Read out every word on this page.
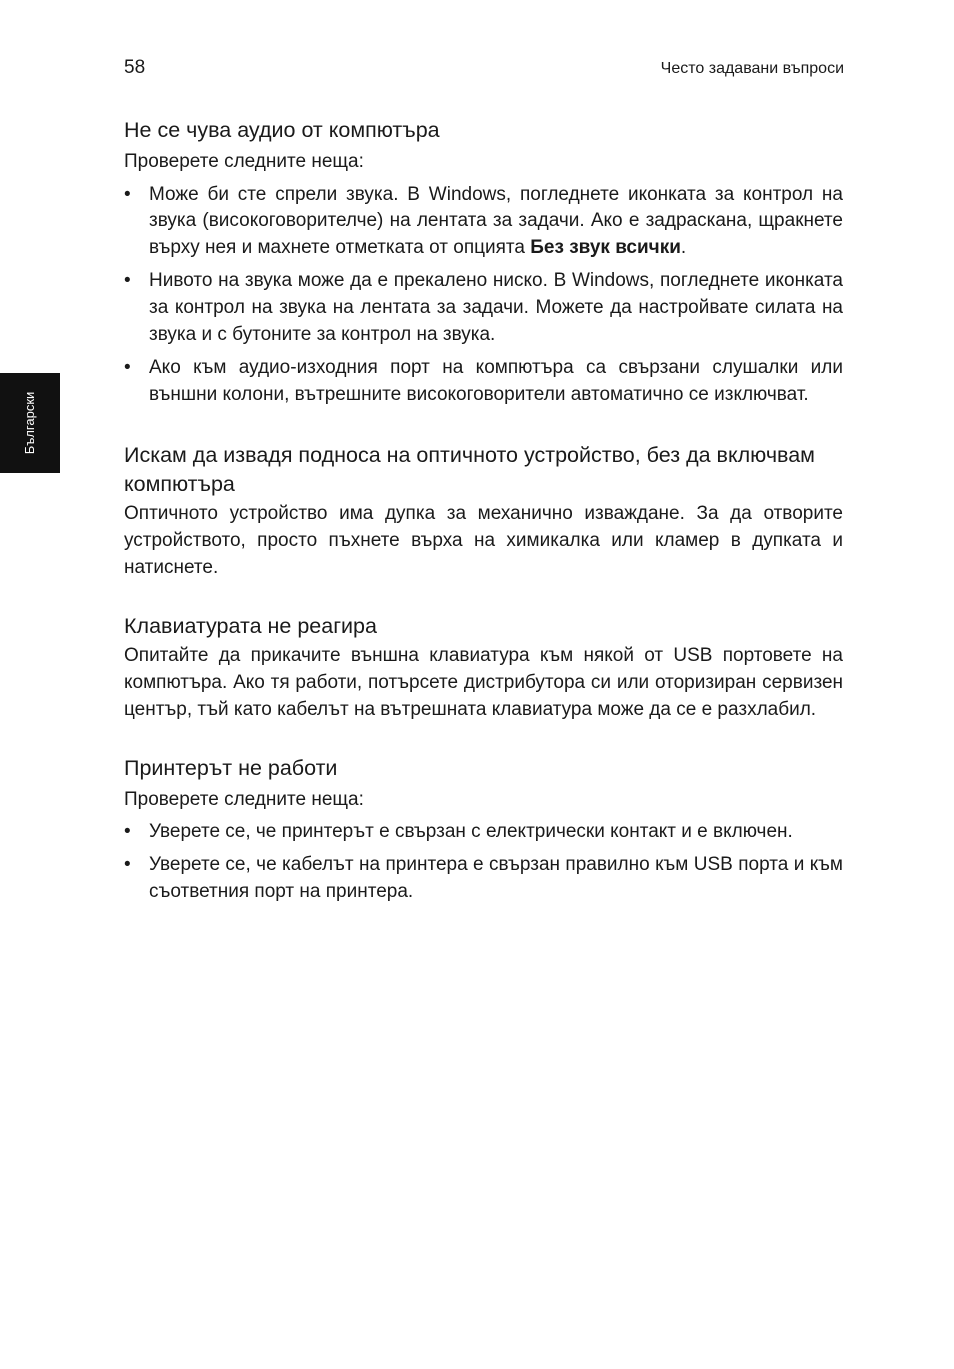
58	Често задавани въпроси
Български
Не се чува аудио от компютъра

Проверете следните неща:

• Може би сте спрели звука. В Windows, погледнете иконката за контрол на звука (високоговорителче) на лентата за задачи. Ако е задраскана, щракнете върху нея и махнете отметката от опцията Без звук всички.
• Нивото на звука може да е прекалено ниско. В Windows, погледнете иконката за контрол на звука на лентата за задачи. Можете да настройвате силата на звука и с бутоните за контрол на звука.
• Ако към аудио-изходния порт на компютъра са свързани слушалки или външни колони, вътрешните високоговорители автоматично се изключват.
Искам да извадя подноса на оптичното устройство, без да включвам компютъра

Оптичното устройство има дупка за механично изваждане. За да отворите устройството, просто пъхнете върха на химикалка или кламер в дупката и натиснете.

Клавиатурата не реагира

Опитайте да прикачите външна клавиатура към някой от USB портовете на компютъра. Ако тя работи, потърсете дистрибутора си или оторизиран сервизен център, тъй като кабелът на вътрешната клавиатура може да се е разхлабил.

Принтерът не работи

Проверете следните неща:

• Уверете се, че принтерът е свързан с електрически контакт и е включен.
• Уверете се, че кабелът на принтера е свързан правилно към USB порта и към съответния порт на принтера.
